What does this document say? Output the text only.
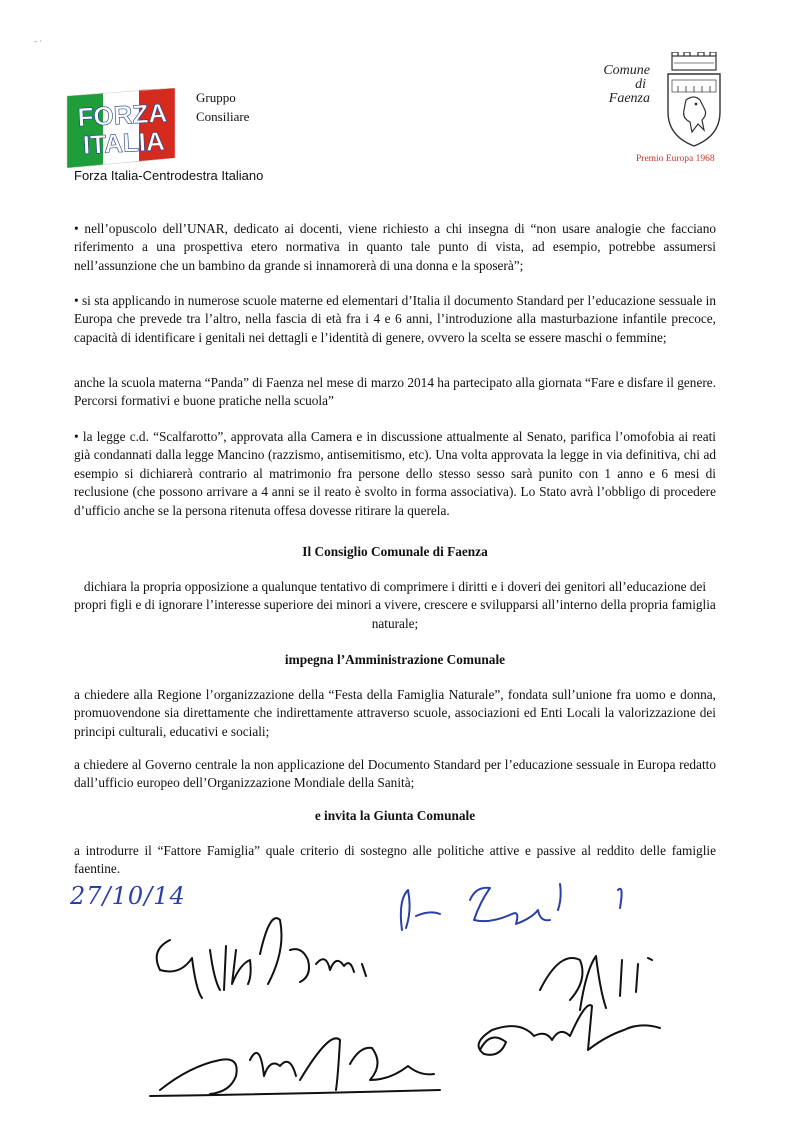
- ·
FORZA
ITALIA
Gruppo
Consiliare
Forza Italia-Centrodestra Italiano
Comune
di
Faenza
Premio Europa 1968
• nell’opuscolo dell’UNAR, dedicato ai docenti, viene richiesto a chi insegna di “non usare analogie che facciano riferimento a una prospettiva etero normativa in quanto tale punto di vista, ad esempio, potrebbe assumersi nell’assunzione che un bambino da grande si innamorerà di una donna e la sposerà”;
• si sta applicando in numerose scuole materne ed elementari d’Italia il documento Standard per l’educazione sessuale in Europa che prevede tra l’altro, nella fascia di età fra i 4 e 6 anni, l’introduzione alla masturbazione infantile precoce, capacità di identificare i genitali nei dettagli e l’identità di genere, ovvero la scelta se essere maschi o femmine;
anche la scuola materna “Panda” di Faenza nel mese di marzo 2014 ha partecipato alla giornata “Fare e disfare il genere. Percorsi formativi e buone pratiche nella scuola”
• la legge c.d. “Scalfarotto”, approvata alla Camera e in discussione attualmente al Senato, parifica l’omofobia ai reati già condannati dalla legge Mancino (razzismo, antisemitismo, etc). Una volta approvata la legge in via definitiva, chi ad esempio si dichiarerà contrario al matrimonio fra persone dello stesso sesso sarà punito con 1 anno e 6 mesi di reclusione (che possono arrivare a 4 anni se il reato è svolto in forma associativa). Lo Stato avrà l’obbligo di procedere d’ufficio anche se la persona ritenuta offesa dovesse ritirare la querela.
Il Consiglio Comunale di Faenza
dichiara la propria opposizione a qualunque tentativo di comprimere i diritti e i doveri dei genitori all’educazione dei propri figli e di ignorare l’interesse superiore dei minori a vivere, crescere e svilupparsi all’interno della propria famiglia naturale;
impegna l’Amministrazione Comunale
a chiedere alla Regione l’organizzazione della “Festa della Famiglia Naturale”, fondata sull’unione fra uomo e donna, promuovendone sia direttamente che indirettamente attraverso scuole, associazioni ed Enti Locali la valorizzazione dei principi culturali, educativi e sociali;
a chiedere al Governo centrale la non applicazione del Documento Standard per l’educazione sessuale in Europa redatto dall’ufficio europeo dell’Organizzazione Mondiale della Sanità;
e invita la Giunta Comunale
a introdurre il “Fattore Famiglia” quale criterio di sostegno alle politiche attive e passive al reddito delle famiglie faentine.
27/10/14
